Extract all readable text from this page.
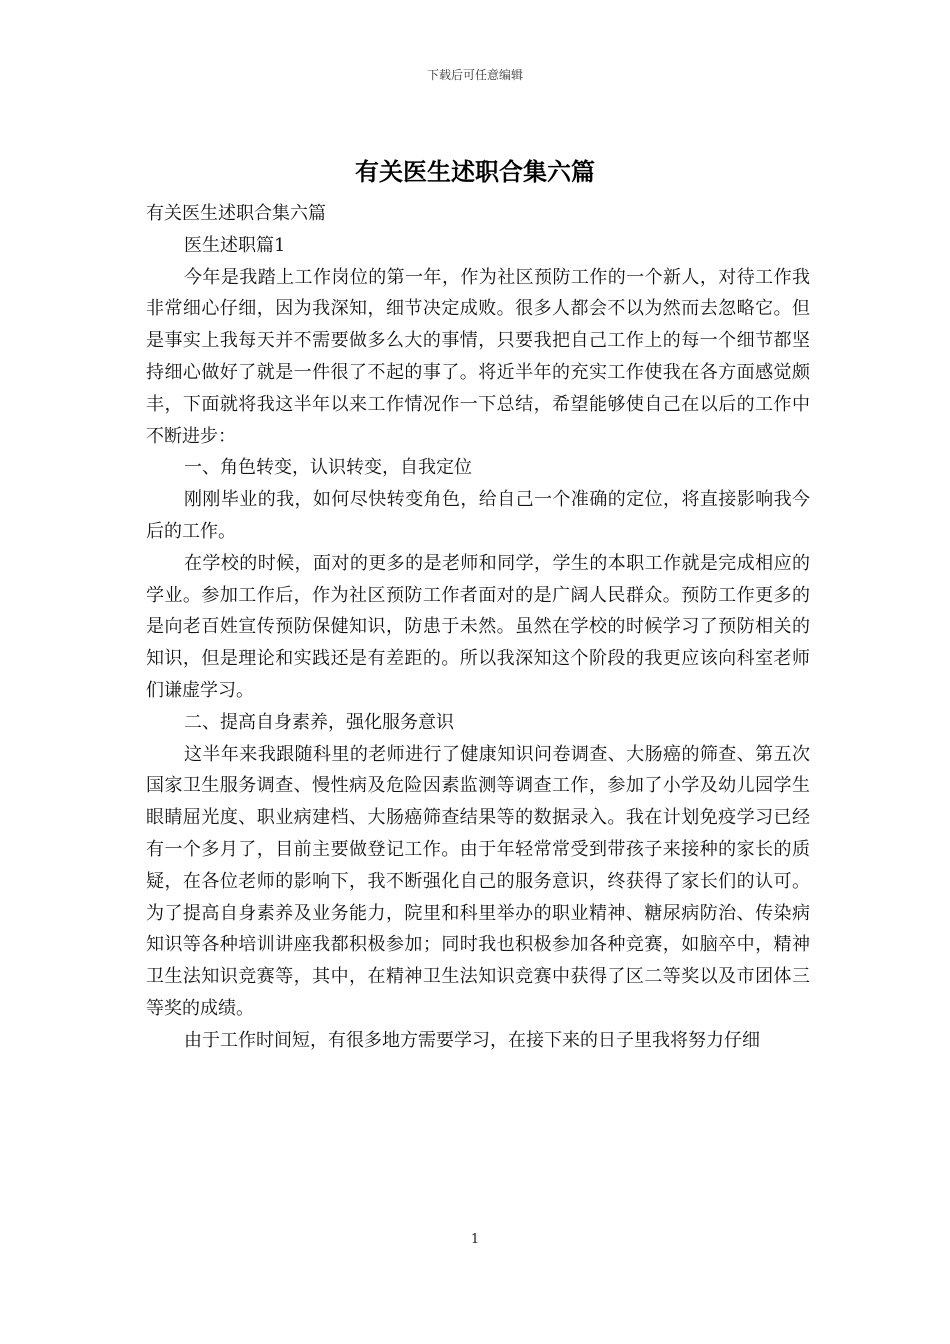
下载后可任意编辑
有关医生述职合集六篇

有关医生述职合集六篇

医生述职篇1

今年是我踏上工作岗位的第一年，作为社区预防工作的一个新人，对待工作我非常细心仔细，因为我深知，细节决定成败。很多人都会不以为然而去忽略它。但是事实上我每天并不需要做多么大的事情，只要我把自己工作上的每一个细节都坚持细心做好了就是一件很了不起的事了。将近半年的充实工作使我在各方面感觉颇丰，下面就将我这半年以来工作情况作一下总结，希望能够使自己在以后的工作中不断进步：

一、角色转变，认识转变，自我定位

刚刚毕业的我，如何尽快转变角色，给自己一个准确的定位，将直接影响我今后的工作。

在学校的时候，面对的更多的是老师和同学，学生的本职工作就是完成相应的学业。参加工作后，作为社区预防工作者面对的是广阔人民群众。预防工作更多的是向老百姓宣传预防保健知识，防患于未然。虽然在学校的时候学习了预防相关的知识，但是理论和实践还是有差距的。所以我深知这个阶段的我更应该向科室老师们谦虚学习。

二、提高自身素养，强化服务意识

这半年来我跟随科里的老师进行了健康知识问卷调查、大肠癌的筛查、第五次国家卫生服务调查、慢性病及危险因素监测等调查工作，参加了小学及幼儿园学生眼睛屈光度、职业病建档、大肠癌筛查结果等的数据录入。我在计划免疫学习已经有一个多月了，目前主要做登记工作。由于年轻常常受到带孩子来接种的家长的质疑，在各位老师的影响下，我不断强化自己的服务意识，终获得了家长们的认可。为了提高自身素养及业务能力，院里和科里举办的职业精神、糖尿病防治、传染病知识等各种培训讲座我都积极参加；同时我也积极参加各种竞赛，如脑卒中，精神卫生法知识竞赛等，其中，在精神卫生法知识竞赛中获得了区二等奖以及市团体三等奖的成绩。

由于工作时间短，有很多地方需要学习，在接下来的日子里我将努力仔细

1
